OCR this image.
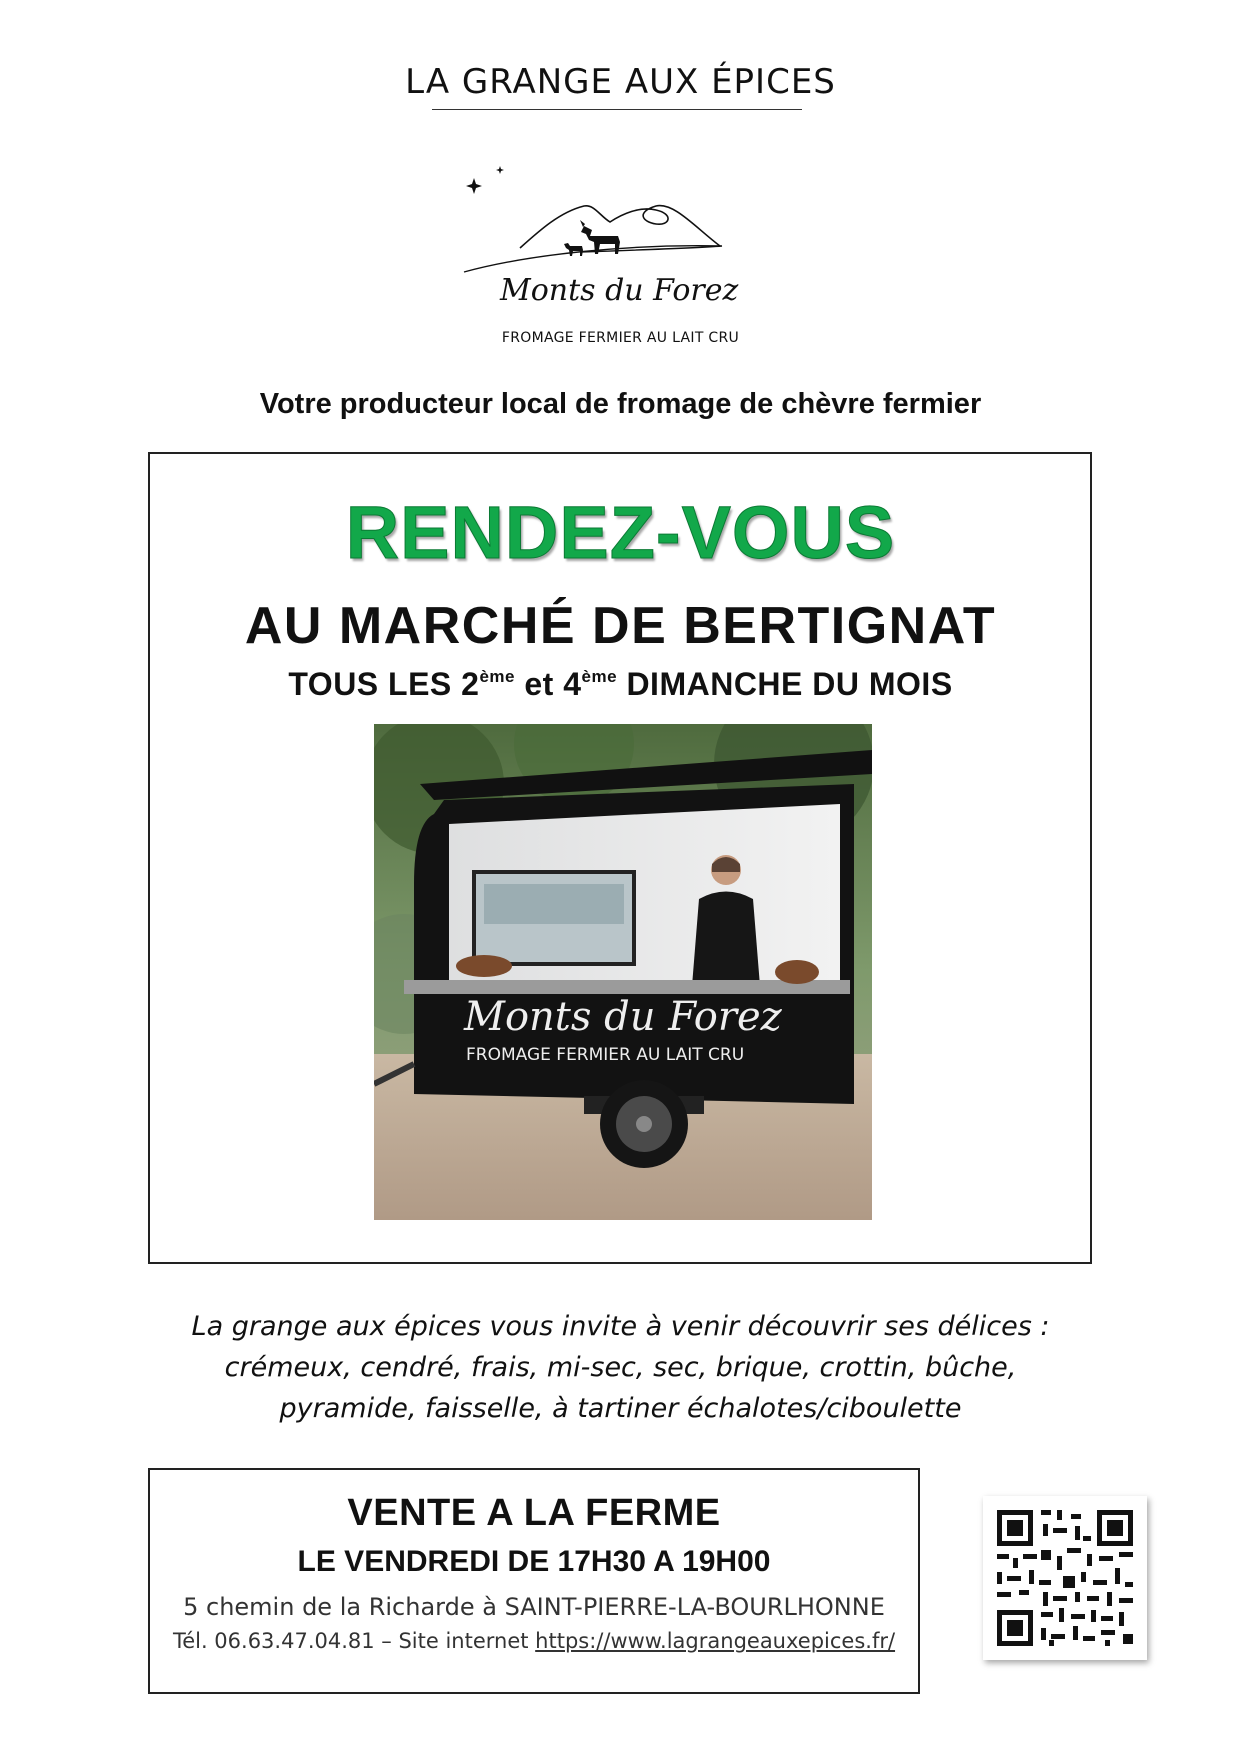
LA GRANGE AUX ÉPICES
Monts du Forez
FROMAGE FERMIER AU LAIT CRU
Votre producteur local de fromage de chèvre fermier
RENDEZ-VOUS
AU MARCHÉ DE BERTIGNAT
TOUS LES 2ème et 4ème DIMANCHE DU MOIS
Monts du Forez
FROMAGE FERMIER AU LAIT CRU
La grange aux épices vous invite à venir découvrir ses délices :
crémeux, cendré, frais, mi-sec, sec, brique, crottin, bûche,
pyramide, faisselle, à tartiner échalotes/ciboulette
VENTE A LA FERME
LE VENDREDI DE 17H30 A 19H00
5 chemin de la Richarde à SAINT-PIERRE-LA-BOURLHONNE
Tél. 06.63.47.04.81 – Site internet https://www.lagrangeauxepices.fr/
